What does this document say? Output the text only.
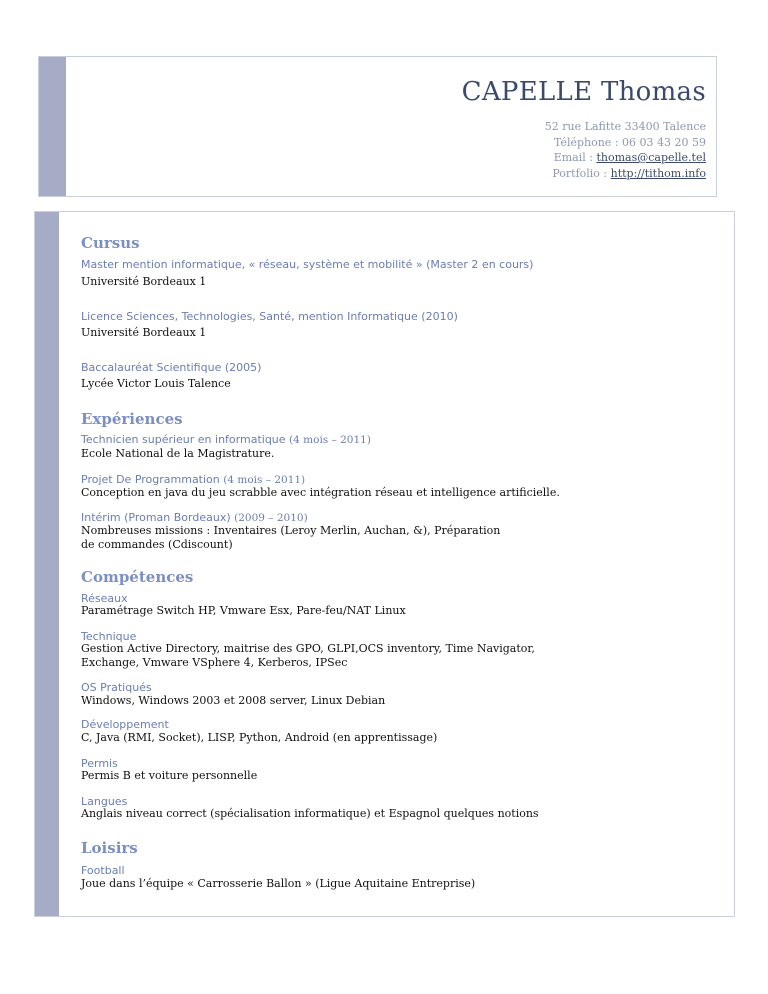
CAPELLE Thomas
52 rue Lafitte 33400 Talence
Téléphone : 06 03 43 20 59
Email : thomas@capelle.tel
Portfolio : http://tithom.info
Cursus
Master mention informatique, « réseau, système et mobilité » (Master 2 en cours)
Université Bordeaux 1
Licence Sciences, Technologies, Santé, mention Informatique (2010)
Université Bordeaux 1
Baccalauréat Scientifique (2005)
Lycée Victor Louis Talence
Expériences
Technicien supérieur en informatique (4 mois – 2011)
Ecole National de la Magistrature.
Projet De Programmation (4 mois – 2011)
Conception en java du jeu scrabble avec intégration réseau et intelligence artificielle.
Intérim (Proman Bordeaux) (2009 – 2010)
Nombreuses missions : Inventaires (Leroy Merlin, Auchan, &), Préparation
de commandes (Cdiscount)
Compétences
Réseaux
Paramétrage Switch HP, Vmware Esx, Pare-feu/NAT Linux
Technique
Gestion Active Directory, maitrise des GPO, GLPI,OCS inventory, Time Navigator,
Exchange, Vmware VSphere 4, Kerberos, IPSec
OS Pratiqués
Windows, Windows 2003 et 2008 server, Linux Debian
Développement
C, Java (RMI, Socket), LISP, Python, Android (en apprentissage)
Permis
Permis B et voiture personnelle
Langues
Anglais niveau correct (spécialisation informatique) et Espagnol quelques notions
Loisirs
Football
Joue dans l’équipe « Carrosserie Ballon » (Ligue Aquitaine Entreprise)
